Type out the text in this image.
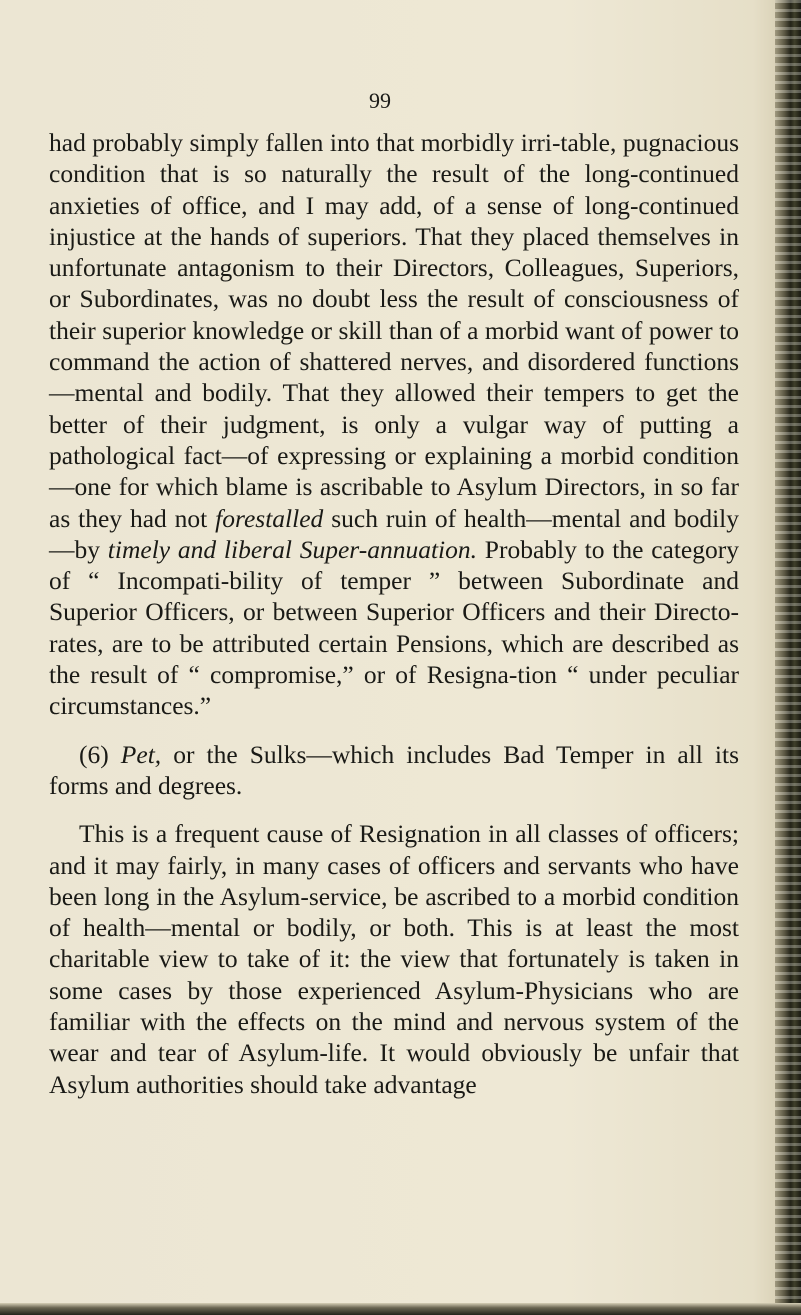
99

had probably simply fallen into that morbidly irri-table, pugnacious condition that is so naturally the result of the long-continued anxieties of office, and I may add, of a sense of long-continued injustice at the hands of superiors. That they placed themselves in unfortunate antagonism to their Directors, Colleagues, Superiors, or Subordinates, was no doubt less the result of consciousness of their superior knowledge or skill than of a morbid want of power to command the action of shattered nerves, and disordered functions—mental and bodily. That they allowed their tempers to get the better of their judgment, is only a vulgar way of putting a pathological fact—of expressing or explaining a morbid condition—one for which blame is ascribable to Asylum Directors, in so far as they had not forestalled such ruin of health—mental and bodily—by timely and liberal Super-annuation. Probably to the category of “ Incompati-bility of temper ” between Subordinate and Superior Officers, or between Superior Officers and their Directo-rates, are to be attributed certain Pensions, which are described as the result of “ compromise,” or of Resigna-tion “ under peculiar circumstances.”

(6) Pet, or the Sulks—which includes Bad Temper in all its forms and degrees.

This is a frequent cause of Resignation in all classes of officers; and it may fairly, in many cases of officers and servants who have been long in the Asylum-service, be ascribed to a morbid condition of health—mental or bodily, or both. This is at least the most charitable view to take of it: the view that fortunately is taken in some cases by those experienced Asylum-Physicians who are familiar with the effects on the mind and nervous system of the wear and tear of Asylum-life. It would obviously be unfair that Asylum authorities should take advantage
